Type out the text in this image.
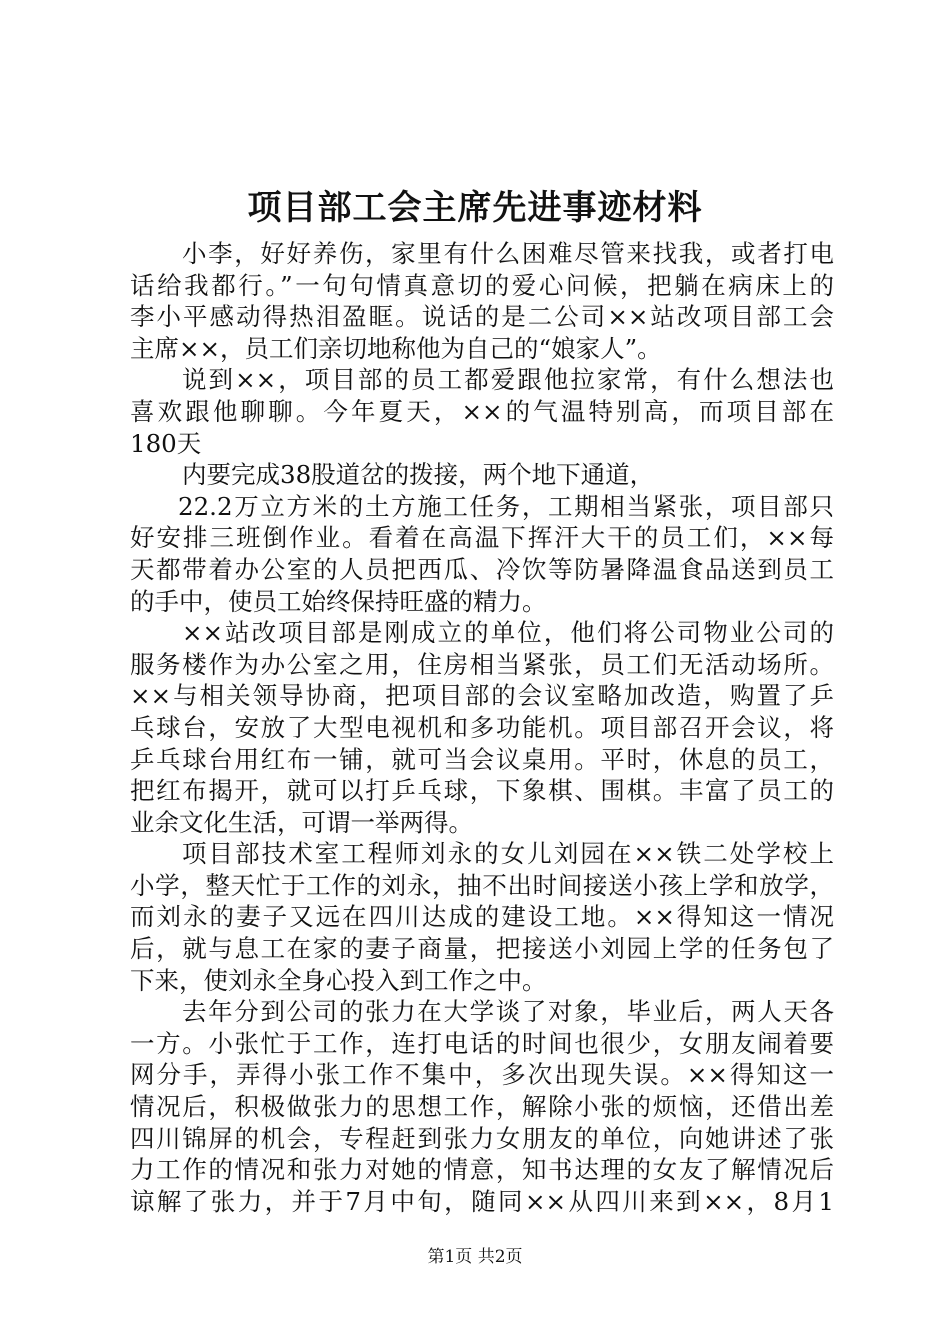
项目部工会主席先进事迹材料
小李，好好养伤，家里有什么困难尽管来找我，或者打电
话给我都行。”一句句情真意切的爱心问候，把躺在病床上的
李小平感动得热泪盈眶。说话的是二公司××站改项目部工会
主席××，员工们亲切地称他为自己的“娘家人”。
说到××，项目部的员工都爱跟他拉家常，有什么想法也
喜欢跟他聊聊。今年夏天，××的气温特别高，而项目部在
180天
内要完成38股道岔的拨接，两个地下通道，
22.2万立方米的土方施工任务，工期相当紧张，项目部只
好安排三班倒作业。看着在高温下挥汗大干的员工们，××每
天都带着办公室的人员把西瓜、冷饮等防暑降温食品送到员工
的手中，使员工始终保持旺盛的精力。
××站改项目部是刚成立的单位，他们将公司物业公司的
服务楼作为办公室之用，住房相当紧张，员工们无活动场所。
××与相关领导协商，把项目部的会议室略加改造，购置了乒
乓球台，安放了大型电视机和多功能机。项目部召开会议，将
乒乓球台用红布一铺，就可当会议桌用。平时，休息的员工，
把红布揭开，就可以打乒乓球，下象棋、围棋。丰富了员工的
业余文化生活，可谓一举两得。
项目部技术室工程师刘永的女儿刘园在××铁二处学校上
小学，整天忙于工作的刘永，抽不出时间接送小孩上学和放学，
而刘永的妻子又远在四川达成的建设工地。××得知这一情况
后，就与息工在家的妻子商量，把接送小刘园上学的任务包了
下来，使刘永全身心投入到工作之中。
去年分到公司的张力在大学谈了对象，毕业后，两人天各
一方。小张忙于工作，连打电话的时间也很少，女朋友闹着要
网分手，弄得小张工作不集中，多次出现失误。××得知这一
情况后，积极做张力的思想工作，解除小张的烦恼，还借出差
四川锦屏的机会，专程赶到张力女朋友的单位，向她讲述了张
力工作的情况和张力对她的情意，知书达理的女友了解情况后
谅解了张力，并于7月中旬，随同××从四川来到××，8月1
第1页 共2页
